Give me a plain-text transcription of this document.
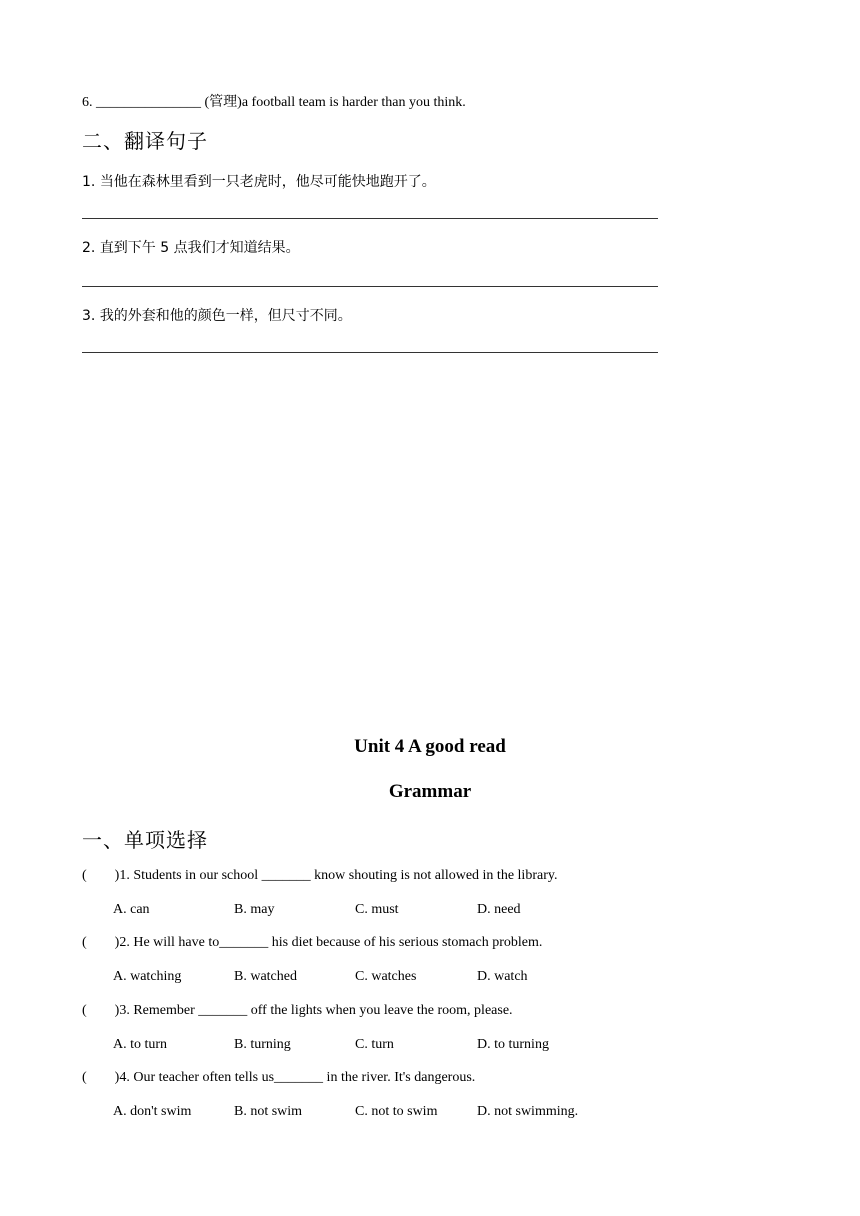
6. _______________ (管理)a football team is harder than you think.
二、翻译句子
1. 当他在森林里看到一只老虎时，他尽可能快地跑开了。
2. 直到下午 5 点我们才知道结果。
3. 我的外套和他的颜色一样，但尺寸不同。
Unit 4 A good read
Grammar
一、单项选择
(        )1. Students in our school _______ know shouting is not allowed in the library.
A. can	B. may	C. must	D. need
(        )2. He will have to_______ his diet because of his serious stomach problem.
A. watching	B. watched	C. watches	D. watch
(        )3. Remember _______ off the lights when you leave the room, please.
A. to turn	B. turning	C. turn	D. to turning
(        )4. Our teacher often tells us_______ in the river. It's dangerous.
A. don't swim	B. not swim	C. not to swim	D. not swimming.
